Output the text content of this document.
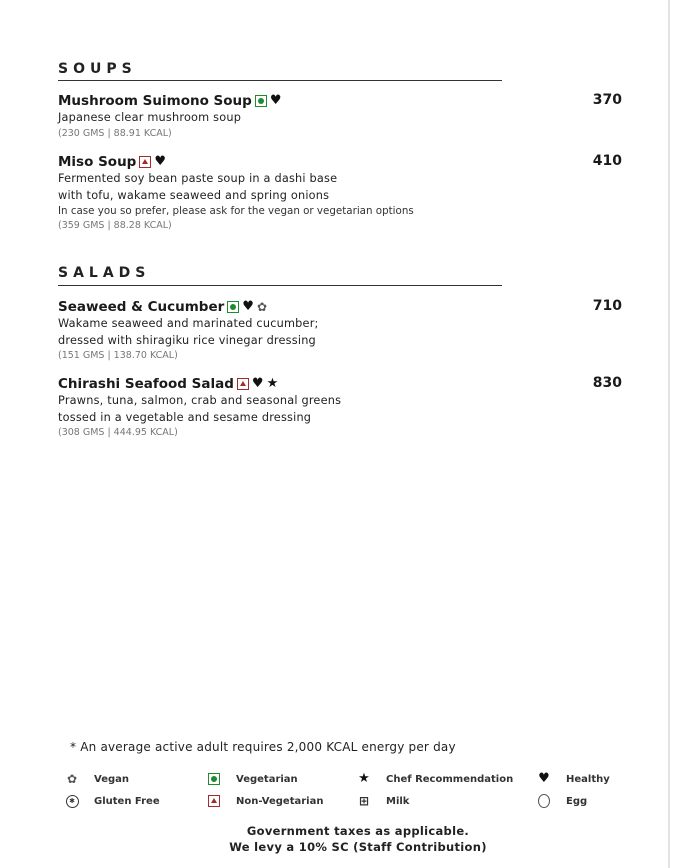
SOUPS
Mushroom Suimono Soup ♥	370
Japanese clear mushroom soup
(230 GMS | 88.91 KCAL)
Miso Soup ♥	410
Fermented soy bean paste soup in a dashi base
with tofu, wakame seaweed and spring onions
In case you so prefer, please ask for the vegan or vegetarian options
(359 GMS | 88.28 KCAL)
SALADS
Seaweed & Cucumber ♥ ✿	710
Wakame seaweed and marinated cucumber;
dressed with shiragiku rice vinegar dressing
(151 GMS | 138.70 KCAL)
Chirashi Seafood Salad ♥ ★	830
Prawns, tuna, salmon, crab and seasonal greens
tossed in a vegetable and sesame dressing
(308 GMS | 444.95 KCAL)
* An average active adult requires 2,000 KCAL energy per day
✿ Vegan	Vegetarian	★ Chef Recommendation ♥ Healthy
✱	Gluten Free	Non-Vegetarian	⊞ Milk	Egg
Government taxes as applicable.
We levy a 10% SC (Staff Contribution)
